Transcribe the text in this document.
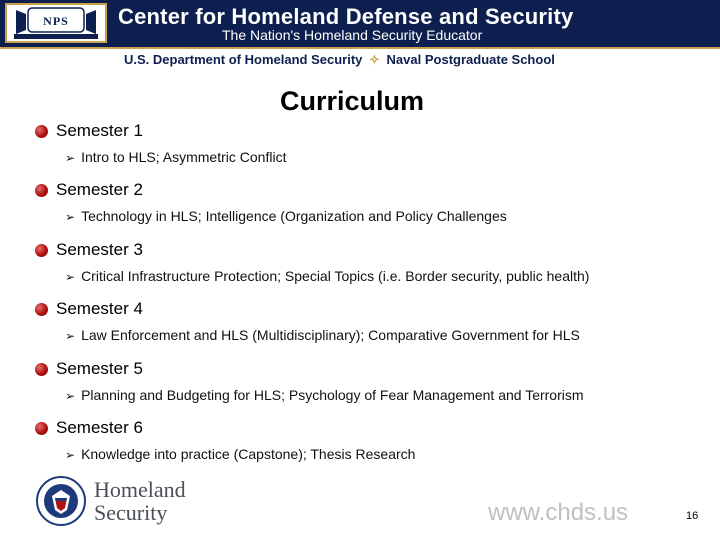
NPS	Center for Homeland Defense and Security
The Nation's Homeland Security Educator
U.S. Department of Homeland Security ✧ Naval Postgraduate School
Curriculum
Semester 1
➢ Intro to HLS; Asymmetric Conflict
Semester 2
➢ Technology in HLS; Intelligence (Organization and Policy Challenges
Semester 3
➢ Critical Infrastructure Protection; Special Topics (i.e. Border security, public health)
Semester 4
➢ Law Enforcement and HLS (Multidisciplinary); Comparative Government for HLS
Semester 5
➢ Planning and Budgeting for HLS; Psychology of Fear Management and Terrorism
Semester 6
➢ Knowledge into practice (Capstone); Thesis Research
Homeland
Security	www.chds.us	16
